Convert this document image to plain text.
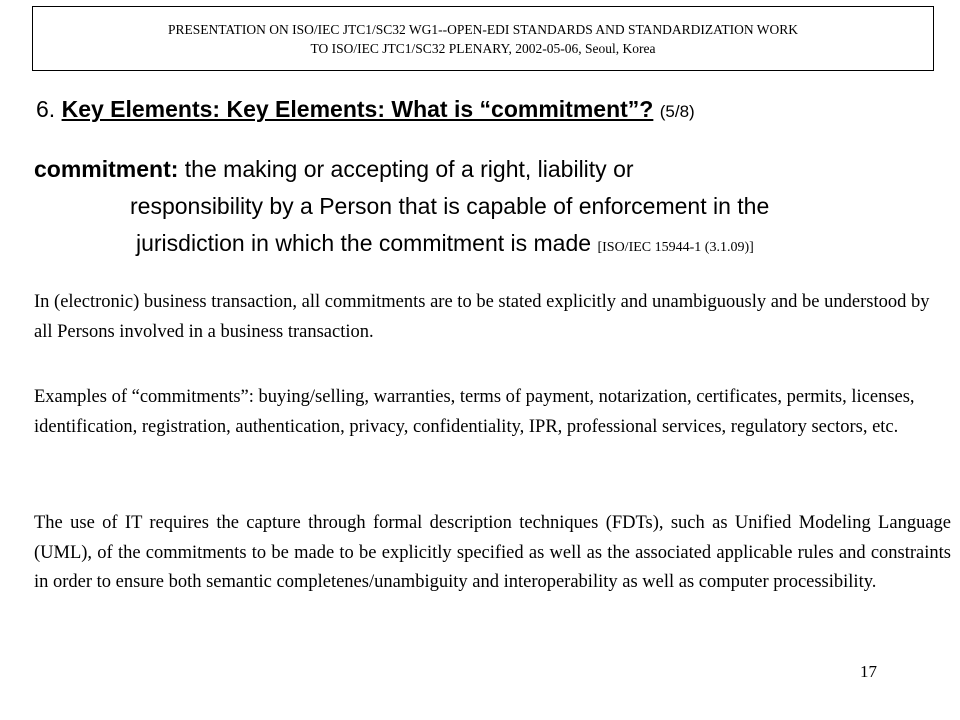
PRESENTATION ON ISO/IEC JTC1/SC32 WG1--OPEN-EDI STANDARDS AND STANDARDIZATION WORK
TO ISO/IEC JTC1/SC32 PLENARY, 2002-05-06, Seoul, Korea
6. Key Elements: Key Elements: What is “commitment”? (5/8)
commitment: the making or accepting of a right, liability or
responsibility by a Person that is capable of enforcement in the
jurisdiction in which the commitment is made [ISO/IEC 15944-1 (3.1.09)]

In (electronic) business transaction, all commitments are to be stated explicitly and unambiguously and be understood by all Persons involved in a business transaction.

Examples of “commitments”: buying/selling, warranties, terms of payment, notarization, certificates, permits, licenses, identification, registration, authentication, privacy, confidentiality, IPR, professional services, regulatory sectors, etc.

The use of IT requires the capture through formal description techniques (FDTs), such as Unified Modeling Language (UML), of the commitments to be made to be explicitly specified as well as the associated applicable rules and constraints in order to ensure both semantic completenes/unambiguity and interoperability as well as computer processibility.

17
